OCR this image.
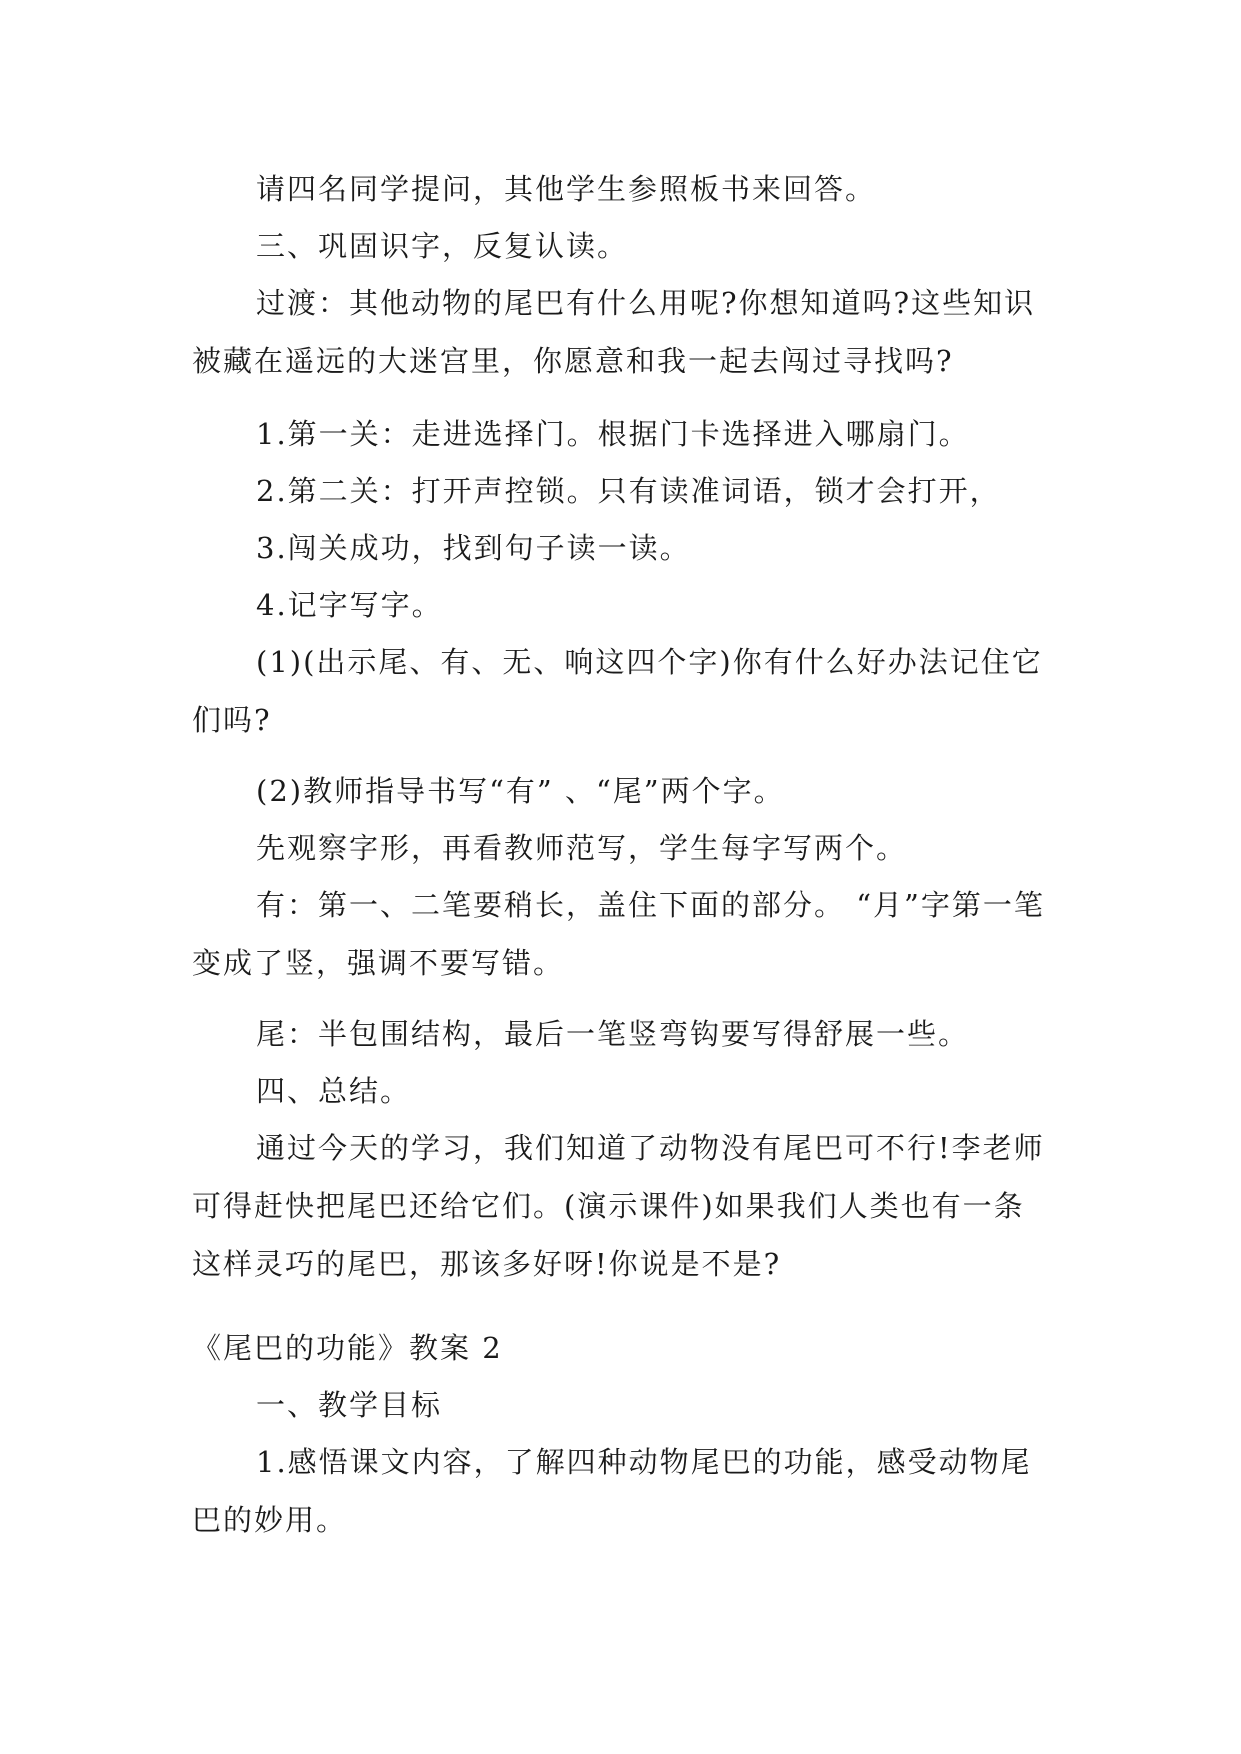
请四名同学提问，其他学生参照板书来回答。

三、巩固识字，反复认读。

过渡：其他动物的尾巴有什么用呢?你想知道吗?这些知识被藏在遥远的大迷宫里，你愿意和我一起去闯过寻找吗?

1.第一关：走进选择门。根据门卡选择进入哪扇门。

2.第二关：打开声控锁。只有读准词语，锁才会打开，

3.闯关成功，找到句子读一读。

4.记字写字。

(1)(出示尾、有、无、响这四个字)你有什么好办法记住它们吗?

(2)教师指导书写“有” 、“尾”两个字。

先观察字形，再看教师范写，学生每字写两个。

有：第一、二笔要稍长，盖住下面的部分。 “月”字第一笔变成了竖，强调不要写错。

尾：半包围结构，最后一笔竖弯钩要写得舒展一些。

四、总结。

通过今天的学习，我们知道了动物没有尾巴可不行!李老师可得赶快把尾巴还给它们。(演示课件)如果我们人类也有一条这样灵巧的尾巴，那该多好呀!你说是不是?

《尾巴的功能》教案 2

一、教学目标

1.感悟课文内容，了解四种动物尾巴的功能，感受动物尾巴的妙用。
